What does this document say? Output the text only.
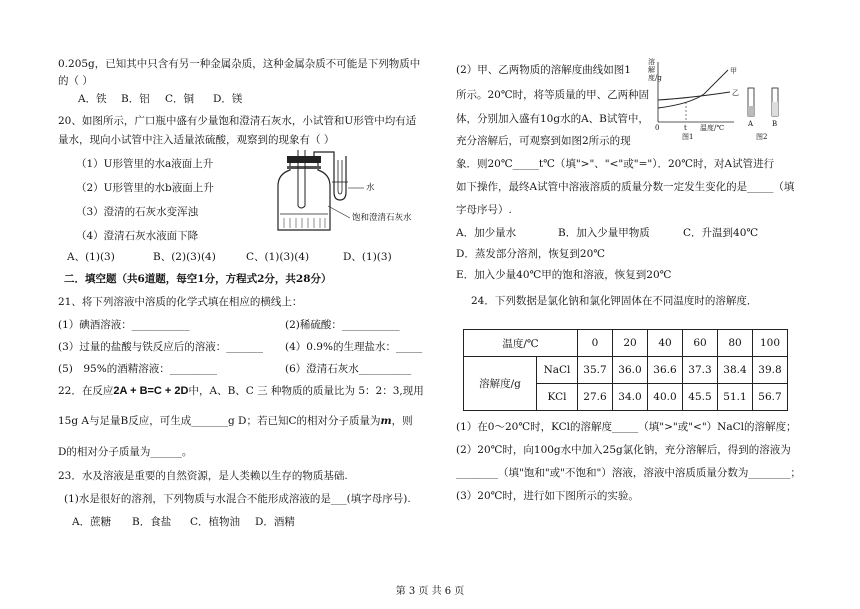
0.205g，已知其中只含有另一种金属杂质，这种金属杂质不可能是下列物质中
的（ ）
A．铁 B．铝 C．铜 D．镁
20、如图所示，广口瓶中盛有少量饱和澄清石灰水，小试管和U形管中均有适
量水，现向小试管中注入适量浓硫酸，观察到的现象有（ ）
（1）U形管里的水a液面上升
（2）U形管里的水b液面上升
（3）澄清的石灰水变浑浊
（4）澄清石灰水液面下降
水
饱和澄清石灰水
A、(1)(3)	B、(2)(3)(4)	C、(1)(3)(4)	D、(1)(3)
二．填空题（共6道题，每空1分，方程式2分，共28分）
21、将下列溶液中溶质的化学式填在相应的横线上：
(1）碘酒溶液：___________	(2)稀硫酸：___________
(3）过量的盐酸与铁反应后的溶液：_______ (4）0.9%的生理盐水：_____
(5)　95%的酒精溶液：_________	(6）澄清石灰水__________
22．在反应2A + B=C + 2D中，A、B、C 三 种物质的质量比为 5：2：3,现用
15g A与足量B反应，可生成_______g D；若已知C的相对分子质量为m，则
D的相对分子质量为______。
23．水及溶液是重要的自然资源，是人类赖以生存的物质基础.
(1)水是很好的溶剂，下列物质与水混合不能形成溶液的是___(填字母序号).
A．蔗糖 B．食盐 C．植物油 D．酒精
(2）甲、乙两物质的溶解度曲线如图1
所示。20℃时，将等质量的甲、乙两种固
体，分别加入盛有10g水的A、B试管中，
充分溶解后，可观察到如图2所示的现
象．则20℃_____t℃（填">"、"<"或"="）．20℃时，对A试管进行
如下操作，最终A试管中溶液溶质的质量分数一定发生变化的是_____（填
字母序号）.
溶解度/g
甲
乙
0	t 温度/℃
图1
A	B
图2
A．加少量水	B．加入少量甲物质	C．升温到40℃
D．蒸发部分溶剂，恢复到20℃
E．加入少量40℃甲的饱和溶液，恢复到20℃
24．下列数据是氯化钠和氯化钾固体在不同温度时的溶解度．
温度/℃		0	20	40	60	80	100
溶解度/g	NaCl	35.7	36.0	36.6	37.3	38.4	39.8
	KCl	27.6	34.0	40.0	45.5	51.1	56.7
(1）在0～20℃时，KCl的溶解度_____（填">"或"<"）NaCl的溶解度；
(2）20℃时，向100g水中加入25g氯化钠，充分溶解后，得到的溶液为
________（填"饱和"或"不饱和"）溶液，溶液中溶质质量分数为________；
(3）20℃时，进行如下图所示的实验。
第 3 页 共 6 页
